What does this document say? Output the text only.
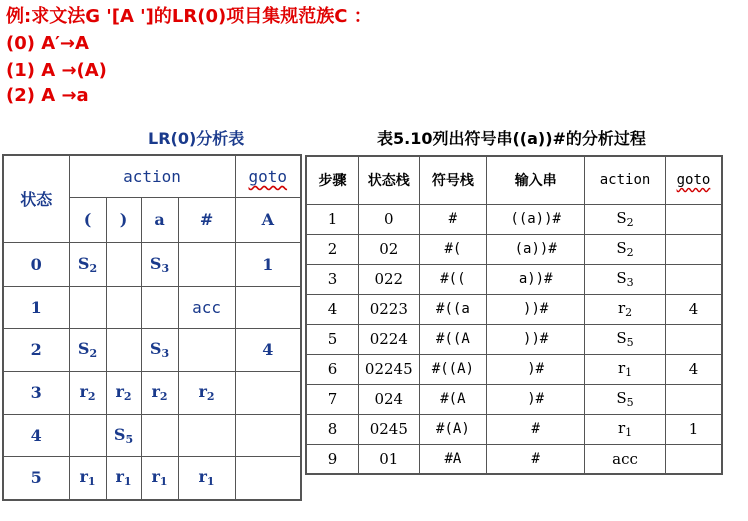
例:求文法G '[A ']的LR(0)项目集规范族C ：
(0) A′→A
(1) A →(A)
(2) A →a
LR(0)分析表	表5.10列出符号串((a))#的分析过程
状态	action				goto
	(	)	a	#	A
0	$S_2$		$S_3$		1
1				acc	
2	$S_2$		$S_3$		4
3	$r_2$	$r_2$	$r_2$	$r_2$	
4		$S_5$			
5	$r_1$	$r_1$	$r_1$	$r_1$	
步骤	状态栈	符号栈	输入串	action	goto
1	0	#	((a))#	$S_2$	
2	02	#(	(a))#	$S_2$	
3	022	#((	a))#	$S_3$	
4	0223	#((a	))#	$r_2$	4
5	0224	#((A	))#	$S_5$	
6	02245	#((A)	)#	$r_1$	4
7	024	#(A	)#	$S_5$	
8	0245	#(A)	#	$r_1$	1
9	01	#A	#	acc	
